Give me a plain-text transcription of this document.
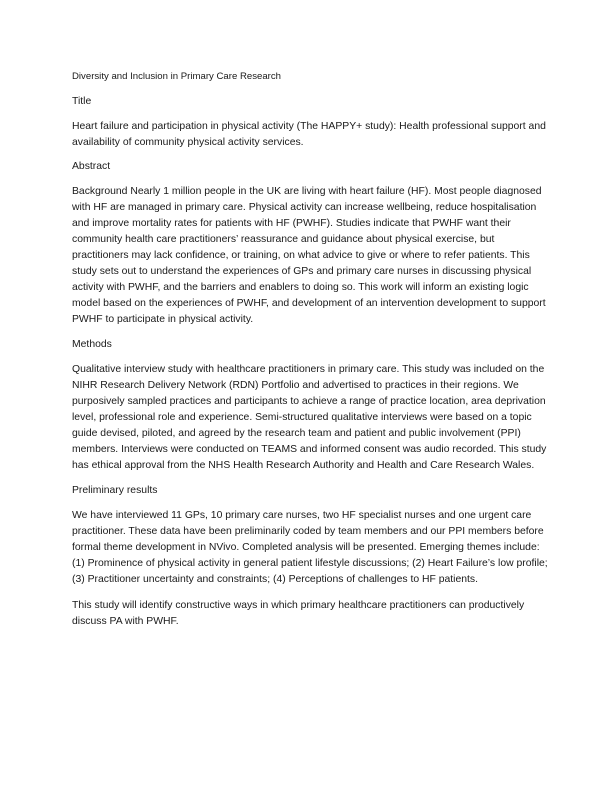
Diversity and Inclusion in Primary Care Research

Title

Heart failure and participation in physical activity (The HAPPY+ study): Health professional support and availability of community physical activity services.

Abstract

Background Nearly 1 million people in the UK are living with heart failure (HF). Most people diagnosed with HF are managed in primary care. Physical activity can increase wellbeing, reduce hospitalisation and improve mortality rates for patients with HF (PWHF). Studies indicate that PWHF want their community health care practitioners’ reassurance and guidance about physical exercise, but practitioners may lack confidence, or training, on what advice to give or where to refer patients. This study sets out to understand the experiences of GPs and primary care nurses in discussing physical activity with PWHF, and the barriers and enablers to doing so. This work will inform an existing logic model based on the experiences of PWHF, and development of an intervention development to support PWHF to participate in physical activity.

Methods

Qualitative interview study with healthcare practitioners in primary care. This study was included on the NIHR Research Delivery Network (RDN) Portfolio and advertised to practices in their regions. We purposively sampled practices and participants to achieve a range of practice location, area deprivation level, professional role and experience. Semi-structured qualitative interviews were based on a topic guide devised, piloted, and agreed by the research team and patient and public involvement (PPI) members. Interviews were conducted on TEAMS and informed consent was audio recorded. This study has ethical approval from the NHS Health Research Authority and Health and Care Research Wales.

Preliminary results

We have interviewed 11 GPs, 10 primary care nurses, two HF specialist nurses and one urgent care practitioner. These data have been preliminarily coded by team members and our PPI members before formal theme development in NVivo. Completed analysis will be presented. Emerging themes include: (1) Prominence of physical activity in general patient lifestyle discussions; (2) Heart Failure’s low profile; (3) Practitioner uncertainty and constraints; (4) Perceptions of challenges to HF patients.

This study will identify constructive ways in which primary healthcare practitioners can productively discuss PA with PWHF.
